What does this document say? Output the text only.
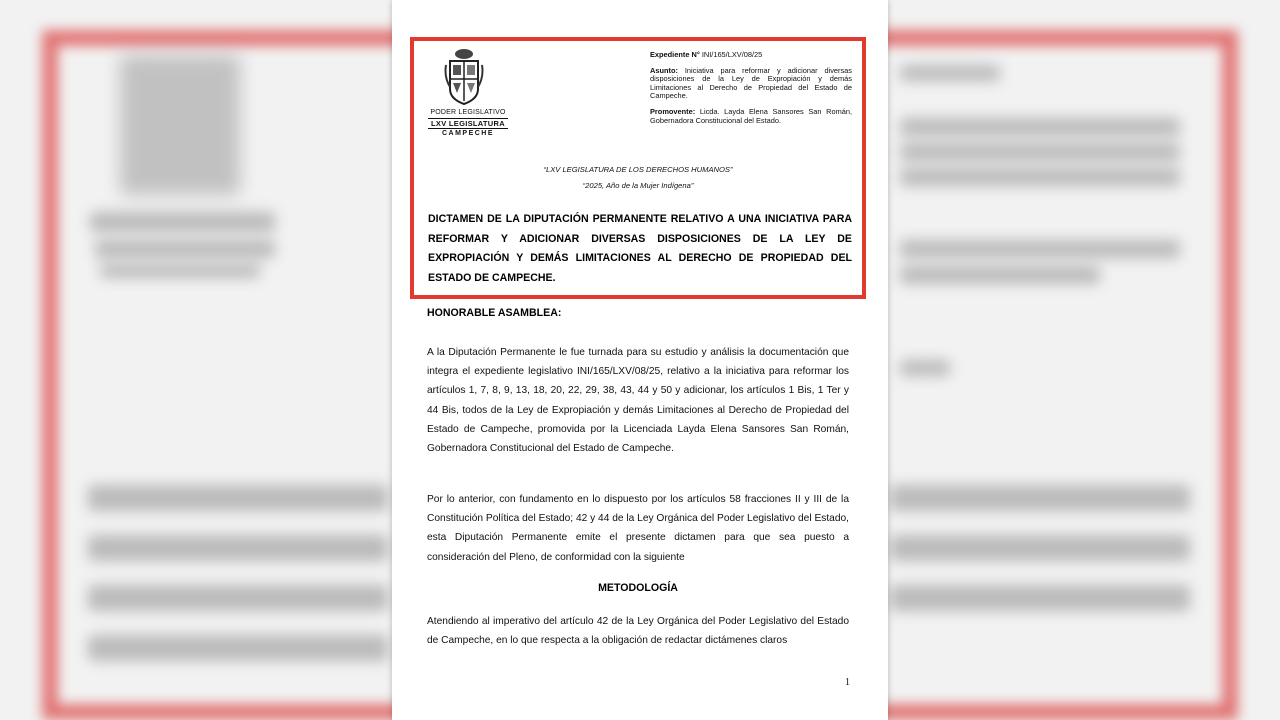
PODER LEGISLATIVO
LXV LEGISLATURA
CAMPECHE

Expediente N° INI/165/LXV/08/25

Asunto: Iniciativa para reformar y adicionar diversas disposiciones de la Ley de Expropiación y demás Limitaciones al Derecho de Propiedad del Estado de Campeche.

Promovente: Licda. Layda Elena Sansores San Román, Gobernadora Constitucional del Estado.

“LXV LEGISLATURA DE LOS DERECHOS HUMANOS”
“2025, Año de la Mujer Indígena”
DICTAMEN DE LA DIPUTACIÓN PERMANENTE RELATIVO A UNA INICIATIVA PARA REFORMAR Y ADICIONAR DIVERSAS DISPOSICIONES DE LA LEY DE EXPROPIACIÓN Y DEMÁS LIMITACIONES AL DERECHO DE PROPIEDAD DEL ESTADO DE CAMPECHE.
HONORABLE ASAMBLEA:
A la Diputación Permanente le fue turnada para su estudio y análisis la documentación que integra el expediente legislativo INI/165/LXV/08/25, relativo a la iniciativa para reformar los artículos 1, 7, 8, 9, 13, 18, 20, 22, 29, 38, 43, 44 y 50 y adicionar, los artículos 1 Bis, 1 Ter y 44 Bis, todos de la Ley de Expropiación y demás Limitaciones al Derecho de Propiedad del Estado de Campeche, promovida por la Licenciada Layda Elena Sansores San Román, Gobernadora Constitucional del Estado de Campeche.
Por lo anterior, con fundamento en lo dispuesto por los artículos 58 fracciones II y III de la Constitución Política del Estado; 42 y 44 de la Ley Orgánica del Poder Legislativo del Estado, esta Diputación Permanente emite el presente dictamen para que sea puesto a consideración del Pleno, de conformidad con la siguiente
METODOLOGÍA
Atendiendo al imperativo del artículo 42 de la Ley Orgánica del Poder Legislativo del Estado de Campeche, en lo que respecta a la obligación de redactar dictámenes claros
1
